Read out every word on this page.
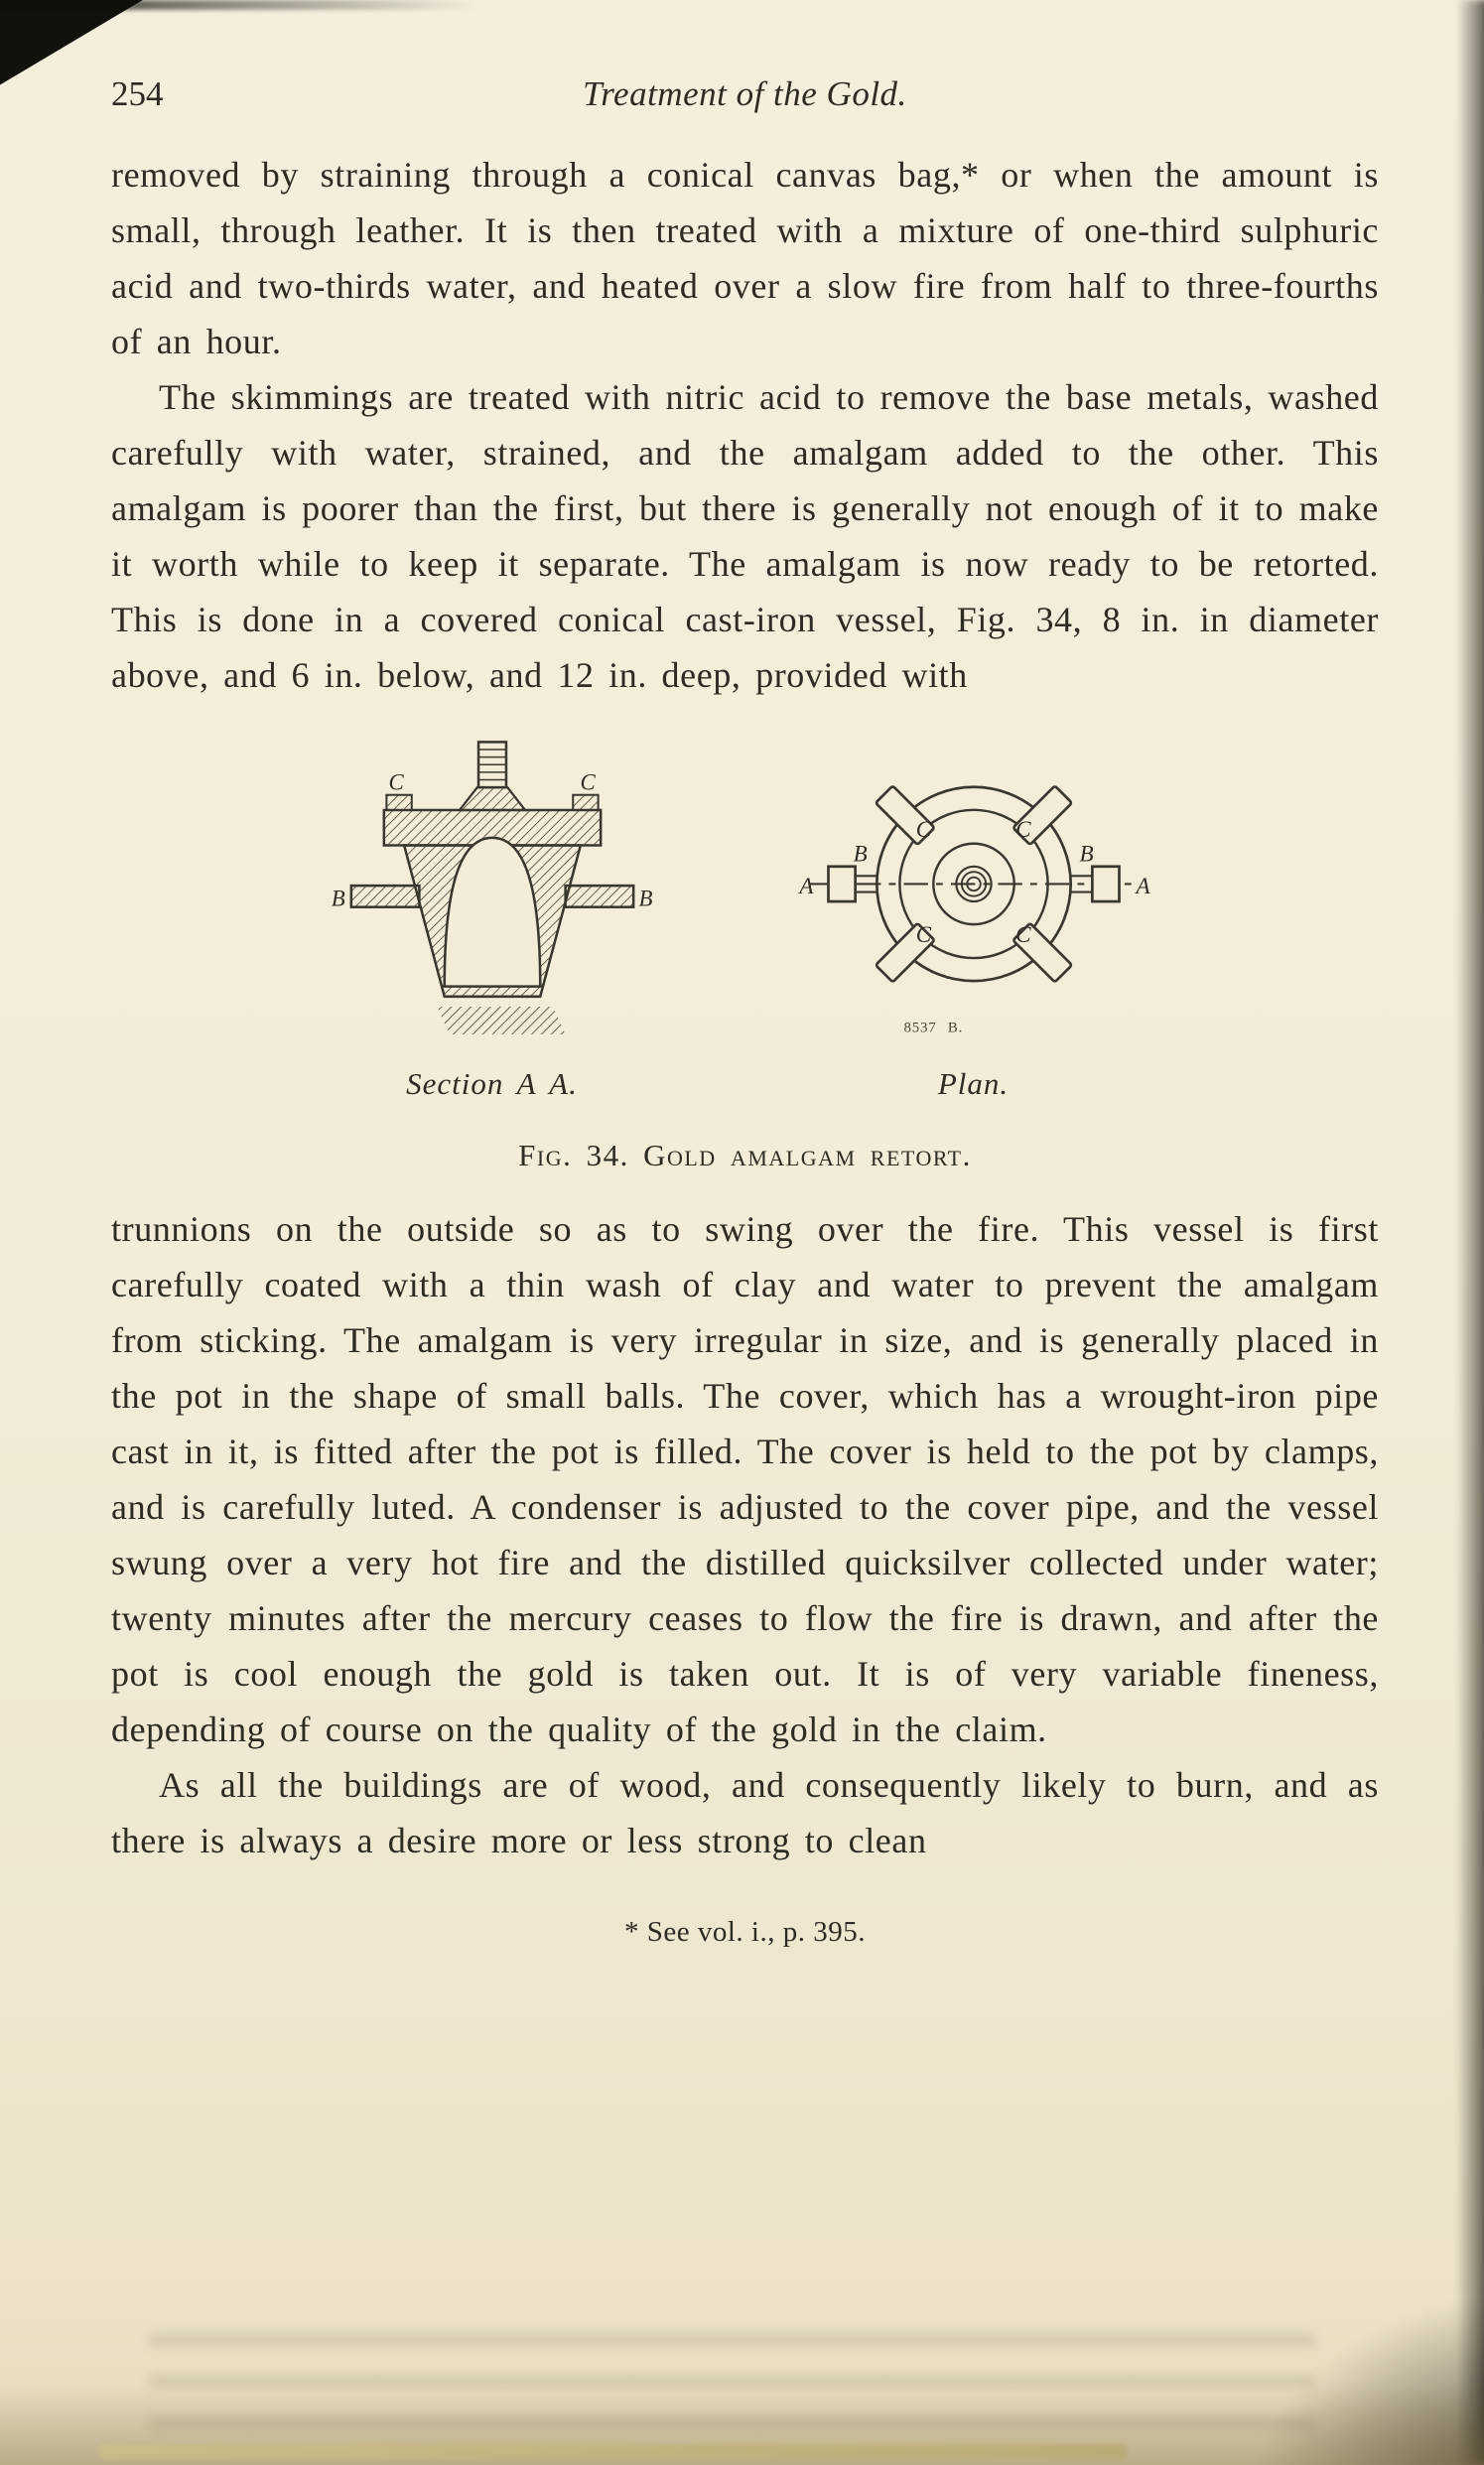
254	Treatment of the Gold.

removed by straining through a conical canvas bag,* or when the amount is small, through leather. It is then treated with a mixture of one-third sulphuric acid and two-thirds water, and heated over a slow fire from half to three-fourths of an hour.

The skimmings are treated with nitric acid to remove the base metals, washed carefully with water, strained, and the amalgam added to the other. This amalgam is poorer than the first, but there is generally not enough of it to make it worth while to keep it separate. The amalgam is now ready to be retorted. This is done in a covered conical cast-iron vessel, Fig. 34, 8 in. in diameter above, and 6 in. below, and 12 in. deep, provided with

C	C
B	B
Section A A.
C	C
C	C
B	B
A	A
8537 B.
Plan.
Fig. 34. Gold amalgam retort.

trunnions on the outside so as to swing over the fire. This vessel is first carefully coated with a thin wash of clay and water to prevent the amalgam from sticking. The amalgam is very irregular in size, and is generally placed in the pot in the shape of small balls. The cover, which has a wrought-iron pipe cast in it, is fitted after the pot is filled. The cover is held to the pot by clamps, and is carefully luted. A condenser is adjusted to the cover pipe, and the vessel swung over a very hot fire and the distilled quicksilver collected under water; twenty minutes after the mercury ceases to flow the fire is drawn, and after the pot is cool enough the gold is taken out. It is of very variable fineness, depending of course on the quality of the gold in the claim.

As all the buildings are of wood, and consequently likely to burn, and as there is always a desire more or less strong to clean

* See vol. i., p. 395.
